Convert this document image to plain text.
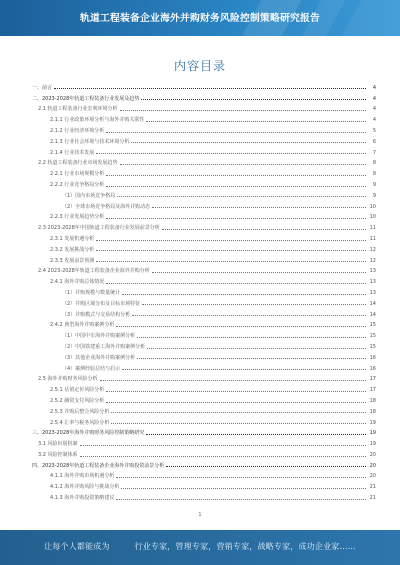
轨道工程装备企业海外并购财务风险控制策略研究报告
内容目录
一、前言	4
二、2023-2028年轨道工程装备行业发展及趋势	4
2.1 轨道工程装备行业宏观环境分析	4
2.1.1 行业政策环境分析与海外并购关联性	4
2.1.2 行业经济环境分析	5
2.1.3 行业社会环境与技术环境分析	6
2.1.4 行业技术发展	7
2.2 轨道工程装备行业市场发展趋势	8
2.2.1 行业市场规模分析	8
2.2.2 行业竞争格局分析	9
（1）国内市场竞争格局	9
（2）全球市场竞争格局及海外并购动态	10
2.2.3 行业发展趋势分析	10
2.3 2023-2028年中国轨道工程装备行业发展前景分析	11
2.3.1 发展机遇分析	11
2.3.2 发展挑战分析	12
2.3.3 发展前景预测	12
2.4 2023-2028年轨道工程装备企业海外并购分析	13
2.4.1 海外并购总体情况	13
（1）并购规模与数量统计	13
（2）并购区域分布及目标市场特征	14
（3）并购模式与交易结构分析	14
2.4.2 典型海外并购案例分析	15
（1）中国中车海外并购案例分析	15
（2）中国铁建重工海外并购案例分析	15
（3）其他企业海外并购案例分析	16
（4）案例经验总结与启示	16
2.5 海外并购财务风险分析	17
2.5.1 估值定价风险分析	17
2.5.2 融资支付风险分析	18
2.5.3 并购后整合风险分析	18
2.5.4 汇率与税务风险分析	19
三、2023-2028年海外并购财务风险控制策略研究	19
3.1 风险识别机制	19
3.2 风险控制体系	20
四、2023-2028年轨道工程装备企业海外并购投资前景分析	20
4.1.1 海外并购市场机遇分析	20
4.1.2 海外并购风险与挑战分析	21
4.1.3 海外并购投资策略建议	21
1
让每个人都能成为	行业专家，管理专家，营销专家，战略专家，成功企业家……
